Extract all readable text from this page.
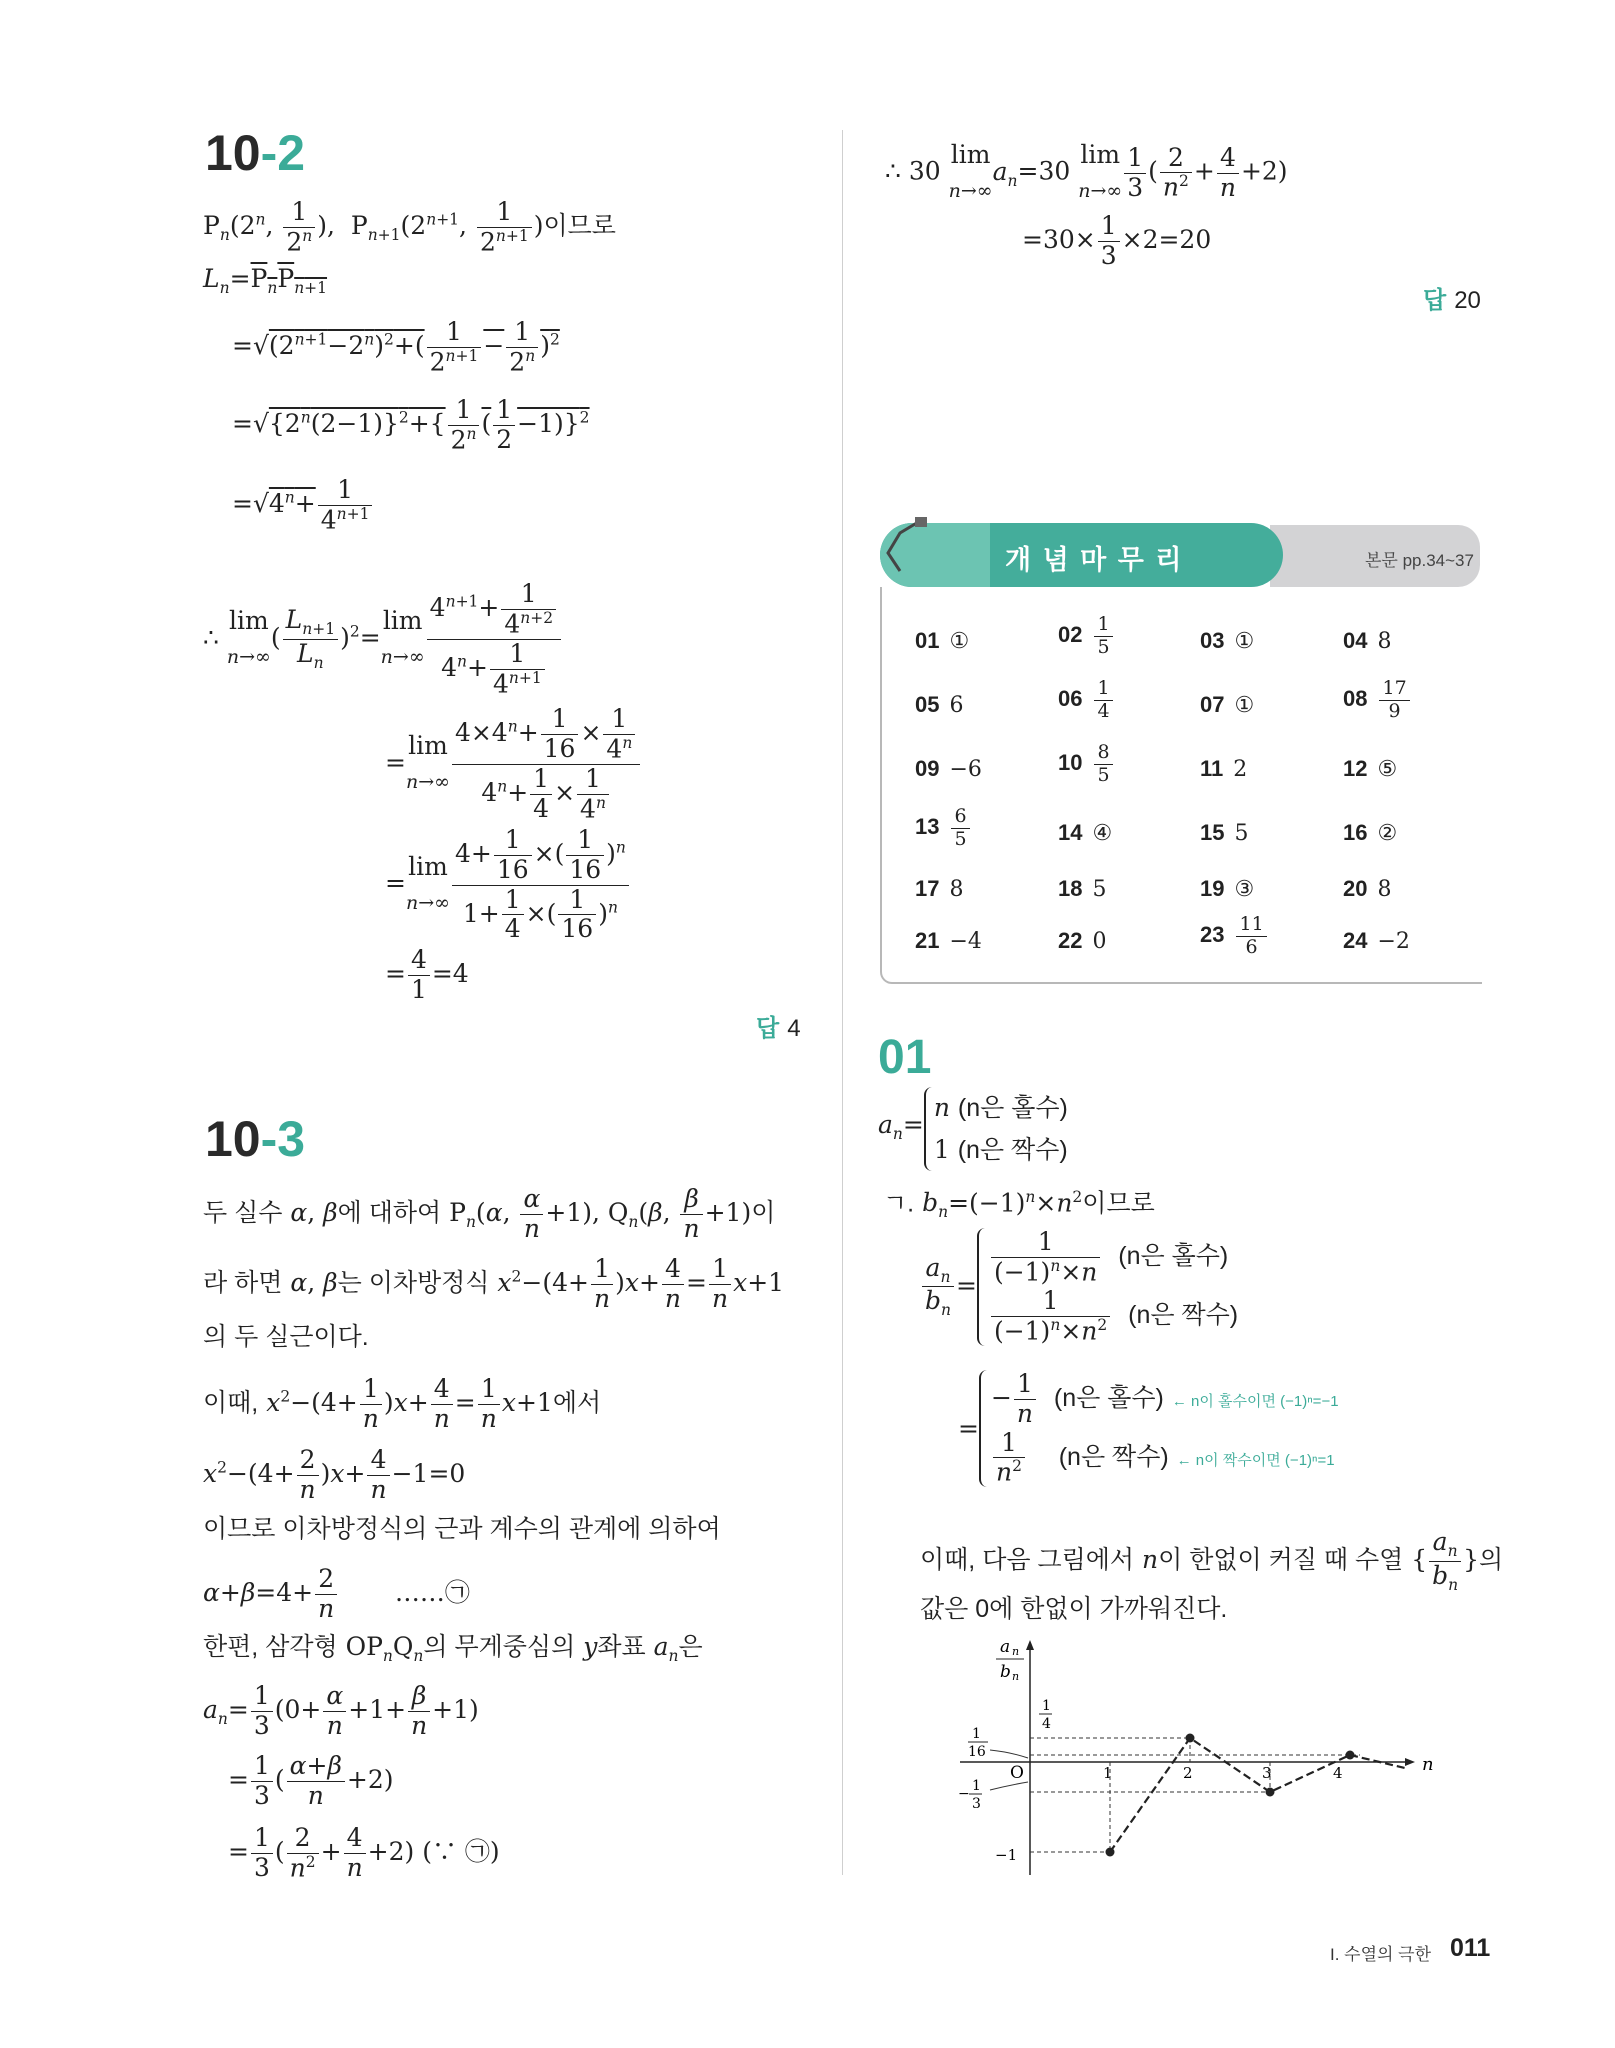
10-2
$P_n(2^n$, $\frac{1}{2^n}$ ),  $P_{n+1}(2^{n+1}$, $\frac{1}{2^{n+1}}$ )이므로
$L_n=P_nP_{n+1}$
$=√(2^{n+1}-2^n)^2+( \frac{1}{2^{n+1}} - \frac{1}{2^n} )^2$
$=√\{2^n(2-1)\}^2+\{ \frac{1}{2^n}$ ( $\frac{1}{2} -1)\}^2$
$=√4^n+ \frac{1}{4^{n+1}}$
∴ lim
$n\to\infty( \frac{L_{n+1}}{L_n} )^2=\lim$
$n\to\infty \frac{4^{n+1}+ \frac{1}{4^{n+2}}}{4^n+ \frac{1}{4^{n+1}}}$
=lim
$n\to\infty \frac{4\times 4^n+ \frac{1}{16} \times \frac{1}{4^n}}{4^n+ \frac{1}{4} \times \frac{1}{4^n}}$
=lim
$n\to\infty \frac{4+ \frac{1}{16} \times( \frac{1}{16} )^n}{1+ \frac{1}{4} \times( \frac{1}{16} )^n}$
= $\frac{4}{1} =4$
답 4
10-3
두 실수 α, β에 대하여 $P_n(\alpha$, $\frac{\alpha}{n} +1$), $Q_n(\beta$, $\frac{\beta}{n} +1$)이
라 하면 α, β는 이차방정식 $x^2-(4+ \frac{1}{n} )x+ \frac{4}{n} = \frac{1}{n} x+1$
의 두 실근이다.
이때, $x^2-(4+ \frac{1}{n} )x+ \frac{4}{n} = \frac{1}{n} x+1$에서
$x^2-(4+ \frac{2}{n} )x+ \frac{4}{n} -1=0$
이므로 이차방정식의 근과 계수의 관계에 의하여
$\alpha+\beta=4+ \frac{2}{n}$ ……㉠
한편, 삼각형 $OP_nQ_n$의 무게중심의 y좌표 $a_n$은
$a_n= \frac{1}{3} (0+ \frac{\alpha}{n} +1+ \frac{\beta}{n} +1)$
= $\frac{1}{3}$ ( $\frac{\alpha+\beta}{n} +2$)
= $\frac{1}{3}$ ( $\frac{2}{n^2} + \frac{4}{n} +2$) (∵ ㉠)
∴ 30 lim
$n\to\infty a_n=30$ lim
$n\to\infty \frac{1}{3}$ ( $\frac{2}{n^2} + \frac{4}{n} +2$)
$=30\times \frac{1}{3} \times 2=20$
답 20
본문 pp.34~37
개 념 마 무 리
01 ①	$02 \frac{1}{5}$	03 ①	04 8
05 6	$06 \frac{1}{4}$	07 ①	$08 \frac{17}{9}$
09 −6	$10 \frac{8}{5}$	11 2	12 ⑤
$13 \frac{6}{5}$	14 ④	15 5	16 ②
17 8	18 5	19 ③	20 8
21 −4	22 0	$23 \frac{11}{6}$	24 −2
01
$a_n=n$ (n은 홀수)
1 (n은 짝수)
ㄱ. $b_n=(-1)^n\times n^2$이므로
$\frac{a_n}{b_n} = \frac{1}{(-1)^n\times n} (n$은 홀수)

$\frac{1}{(-1)^n\times n^2} (n$은 짝수)
=− $\frac{1}{n} (n$은 홀수) ← n이 홀수이면 (−1)ⁿ=−1

$\frac{1}{n^2} (n$은 짝수) ← n이 짝수이면 (−1)ⁿ=1
이때, 다음 그림에서 n이 한없이 커질 때 수열 { $\frac{a_n}{b_n}$ }의
값은 0에 한없이 가까워진다.
a n
b n
n
O	1	2	3	4
1
4
1
16
− 1
3
−1
I. 수열의 극한 011
